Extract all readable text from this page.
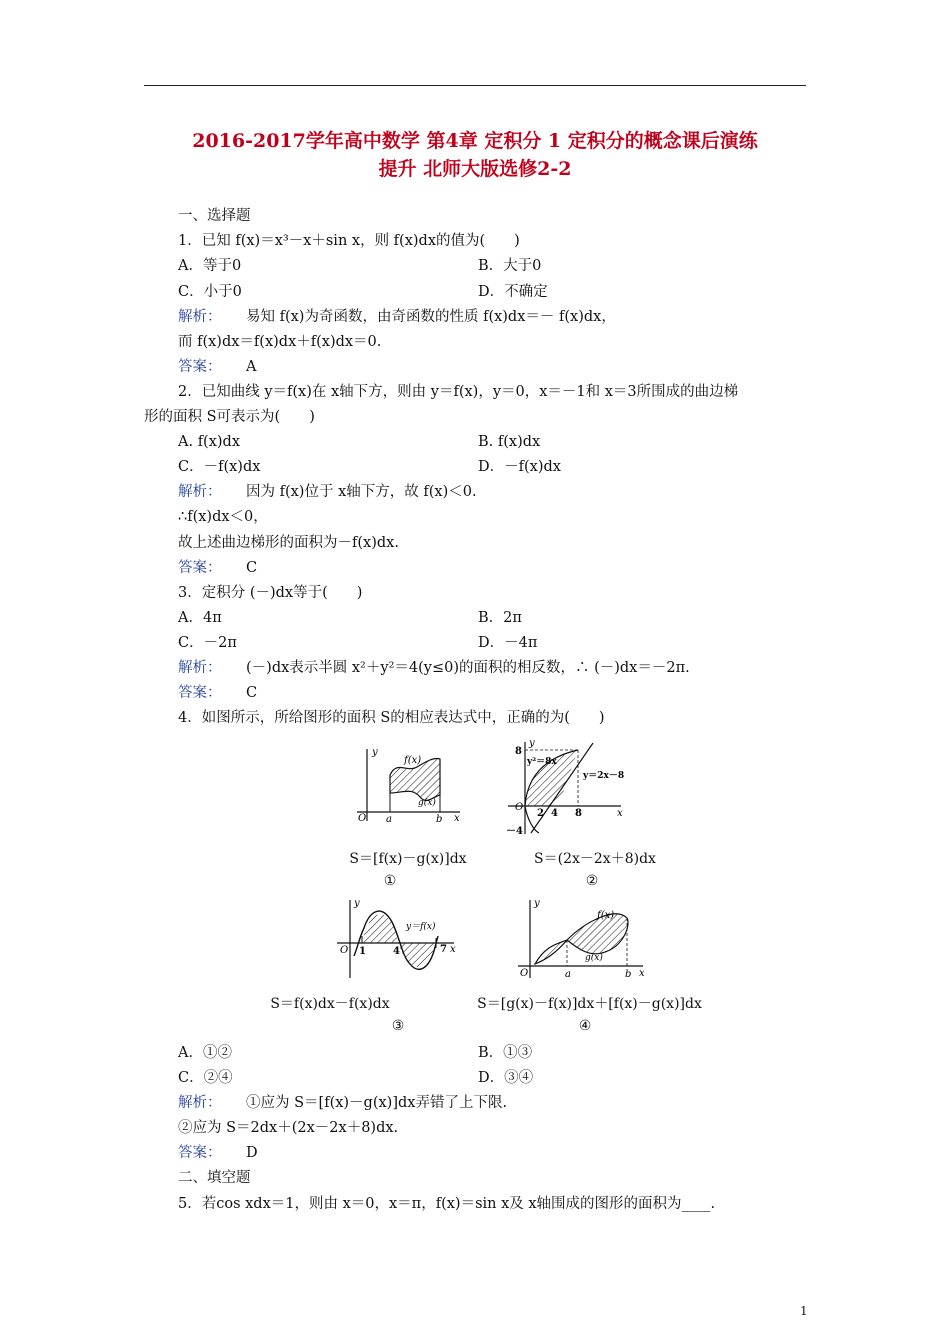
2016-2017学年高中数学 第4章 定积分 1 定积分的概念课后演练
提升 北师大版选修2-2
一、选择题
1．已知 f(x)＝x³－x＋sin x，则 f(x)dx的值为(　　)
A．等于0	B．大于0
C．小于0	D．不确定
解析： 易知 f(x)为奇函数，由奇函数的性质 f(x)dx＝－ f(x)dx，
而 f(x)dx＝f(x)dx＋f(x)dx＝0.
答案： A
2．已知曲线 y＝f(x)在 x轴下方，则由 y＝f(x)，y＝0，x＝－1和 x＝3所围成的曲边梯
形的面积 S可表示为(　　)
A. f(x)dx	B. f(x)dx
C．－f(x)dx	D．－f(x)dx
解析： 因为 f(x)位于 x轴下方，故 f(x)＜0.
∴f(x)dx＜0，
故上述曲边梯形的面积为－f(x)dx.
答案： C
3．定积分 (－)dx等于(　　)
A．4π	B．2π
C．－2π	D．－4π
解析： (－)dx表示半圆 x²＋y²＝4(y≤0)的面积的相反数，∴ (－)dx＝－2π.
答案： C
4．如图所示，所给图形的面积 S的相应表达式中，正确的为(　　)
y
x
O a	b
f(x)
g(x)
S＝[f(x)－g(x)]dx
①
y
x
O
8
－4
2 4 8
y²＝8x
y＝2x－8
S＝(2x－2x＋8)dx
②
y
x
O 1	4	7
y＝f(x)
S＝f(x)dx－f(x)dx
③
y
x
O	a	b
f(x)
g(x)
S＝[g(x)－f(x)]dx＋[f(x)－g(x)]dx
④
A．①②	B．①③
C．②④	D．③④
解析： ①应为 S＝[f(x)－g(x)]dx弄错了上下限.
②应为 S＝2dx＋(2x－2x＋8)dx.
答案： D
二、填空题
5．若cos xdx＝1，则由 x＝0，x＝π，f(x)＝sin x及 x轴围成的图形的面积为____.
1
